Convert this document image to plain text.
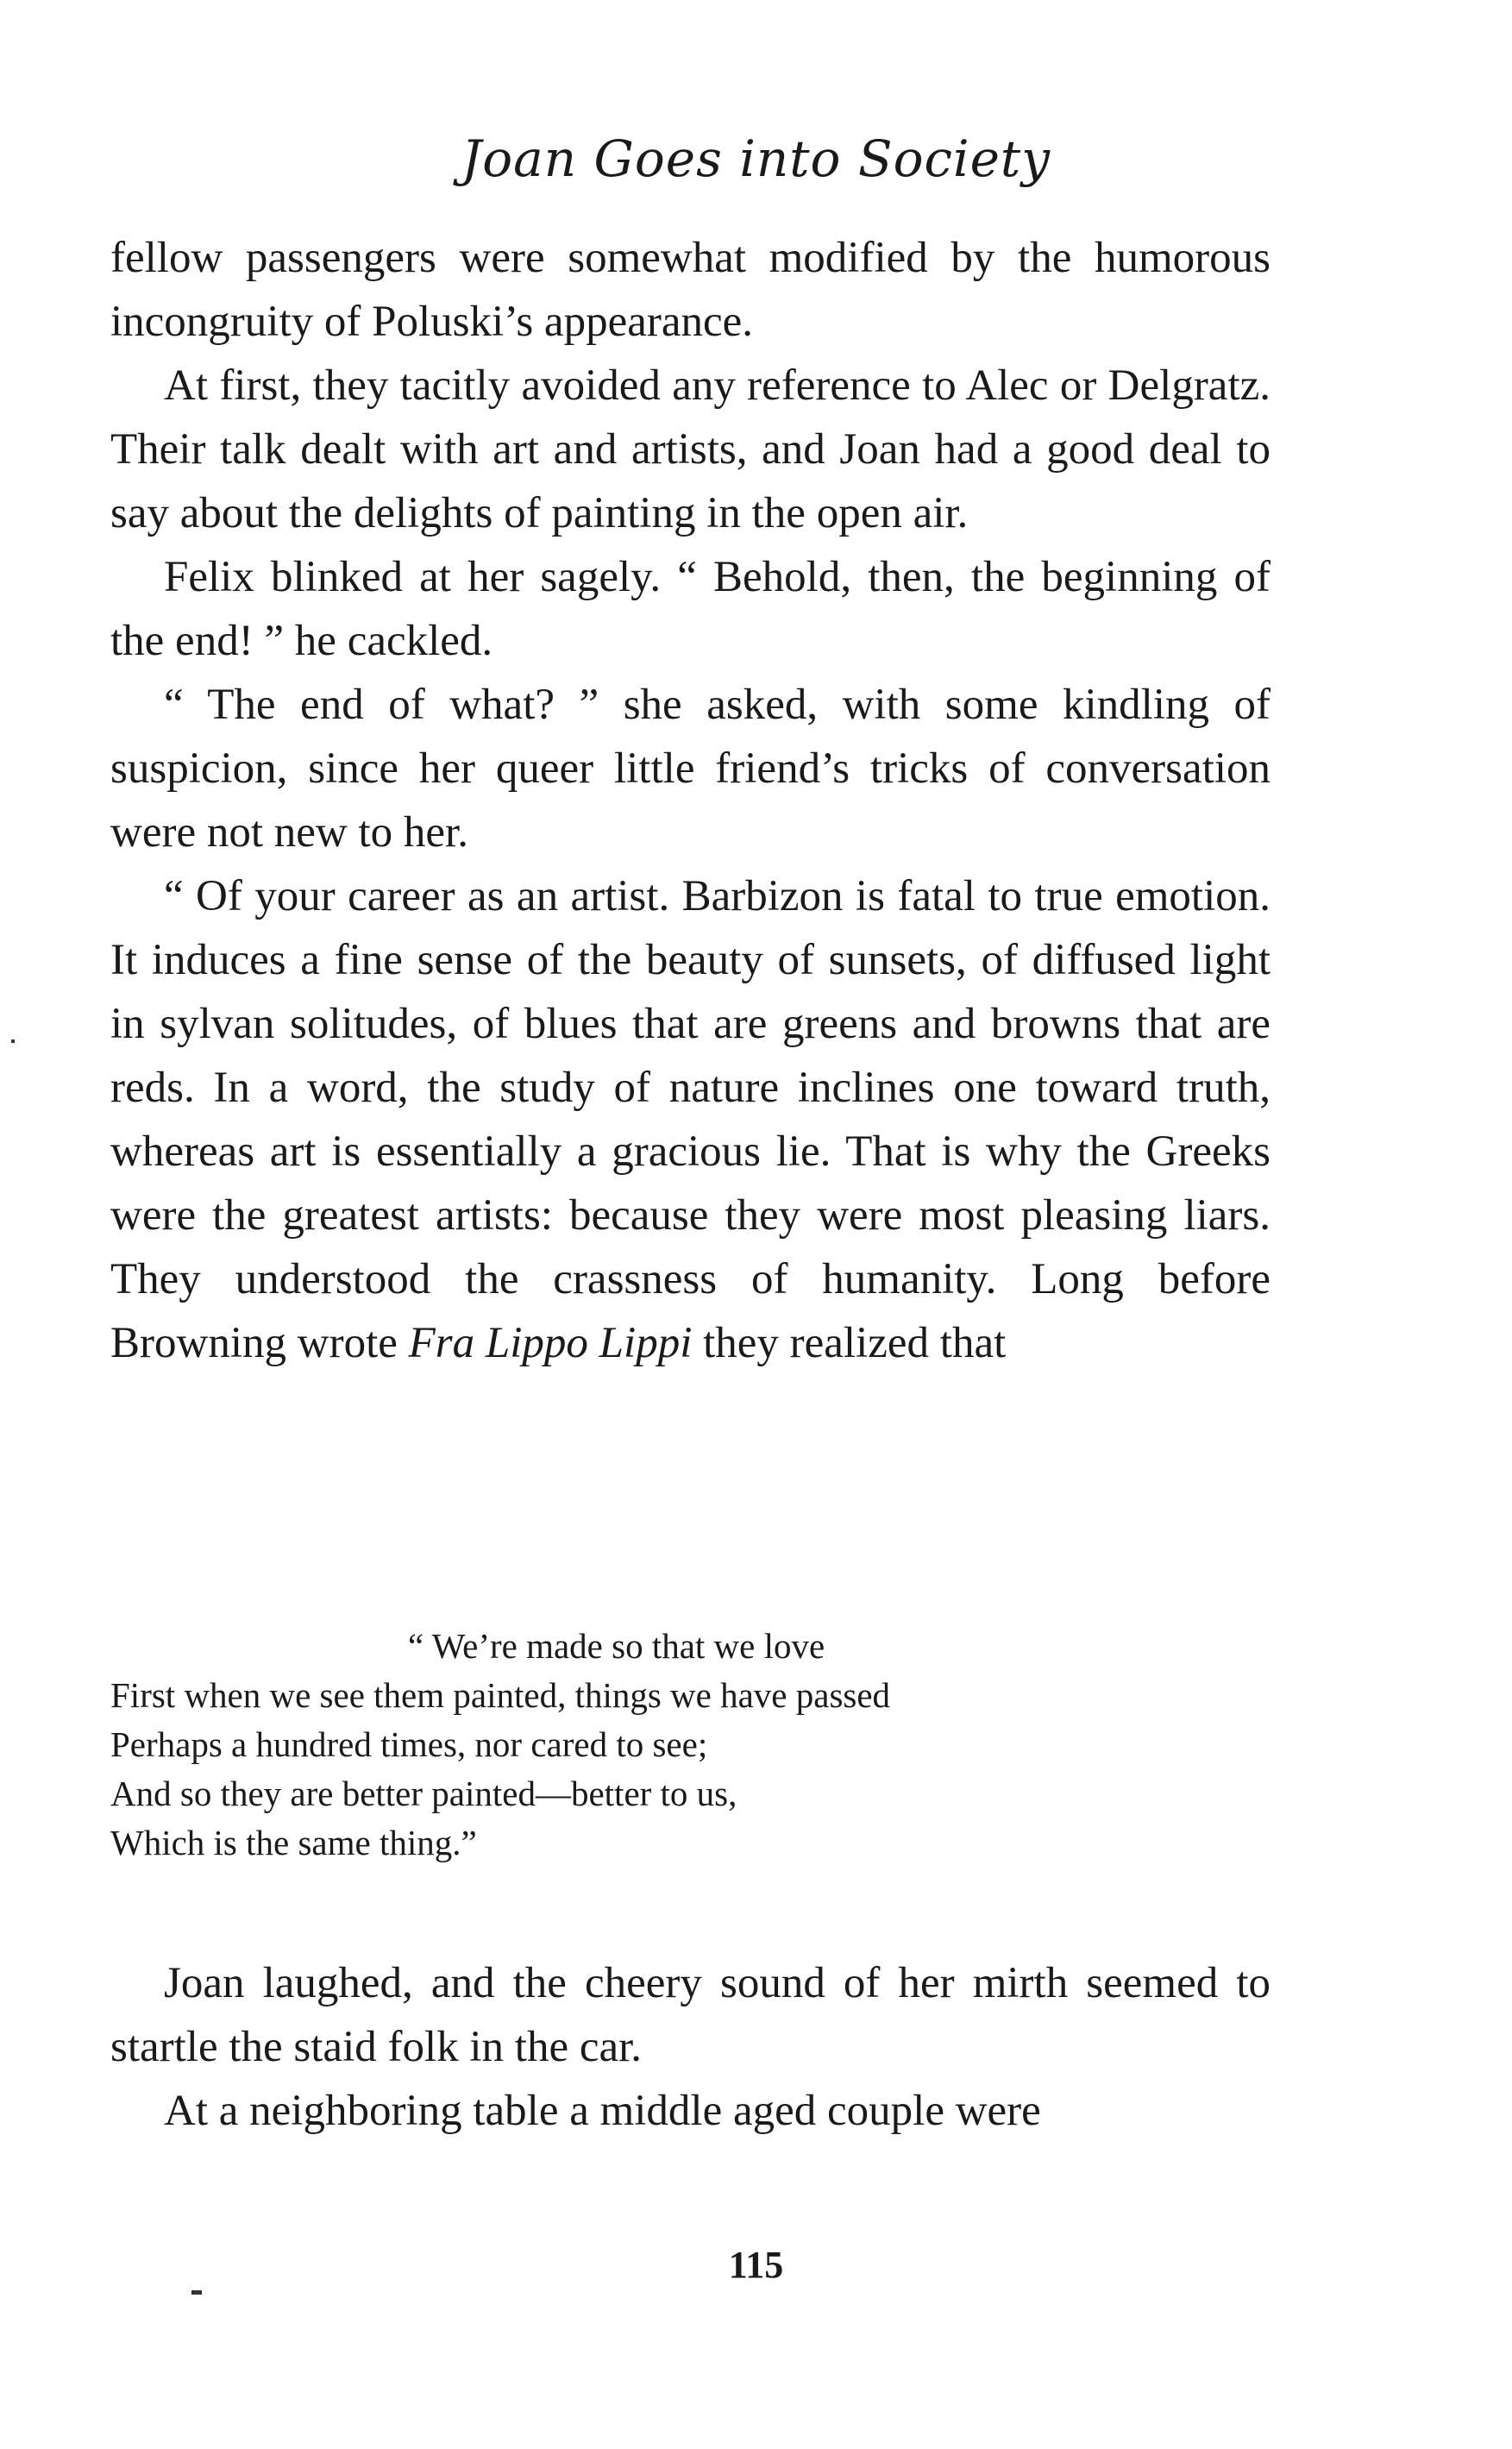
Joan Goes into Society

fellow passengers were somewhat modified by the humorous incongruity of Poluski’s appearance.

At first, they tacitly avoided any reference to Alec or Delgratz. Their talk dealt with art and artists, and Joan had a good deal to say about the delights of painting in the open air.

Felix blinked at her sagely. “ Behold, then, the beginning of the end! ” he cackled.

“ The end of what? ” she asked, with some kindling of suspicion, since her queer little friend’s tricks of conversation were not new to her.

“ Of your career as an artist. Barbizon is fatal to true emotion. It induces a fine sense of the beauty of sunsets, of diffused light in sylvan solitudes, of blues that are greens and browns that are reds. In a word, the study of nature inclines one toward truth, whereas art is essentially a gracious lie. That is why the Greeks were the greatest artists: because they were most pleasing liars. They understood the crassness of humanity. Long before Browning wrote Fra Lippo Lippi they realized that

“ We’re made so that we love
First when we see them painted, things we have passed
Perhaps a hundred times, nor cared to see;
And so they are better painted—better to us,
Which is the same thing.”

Joan laughed, and the cheery sound of her mirth seemed to startle the staid folk in the car.

At a neighboring table a middle aged couple were

115
